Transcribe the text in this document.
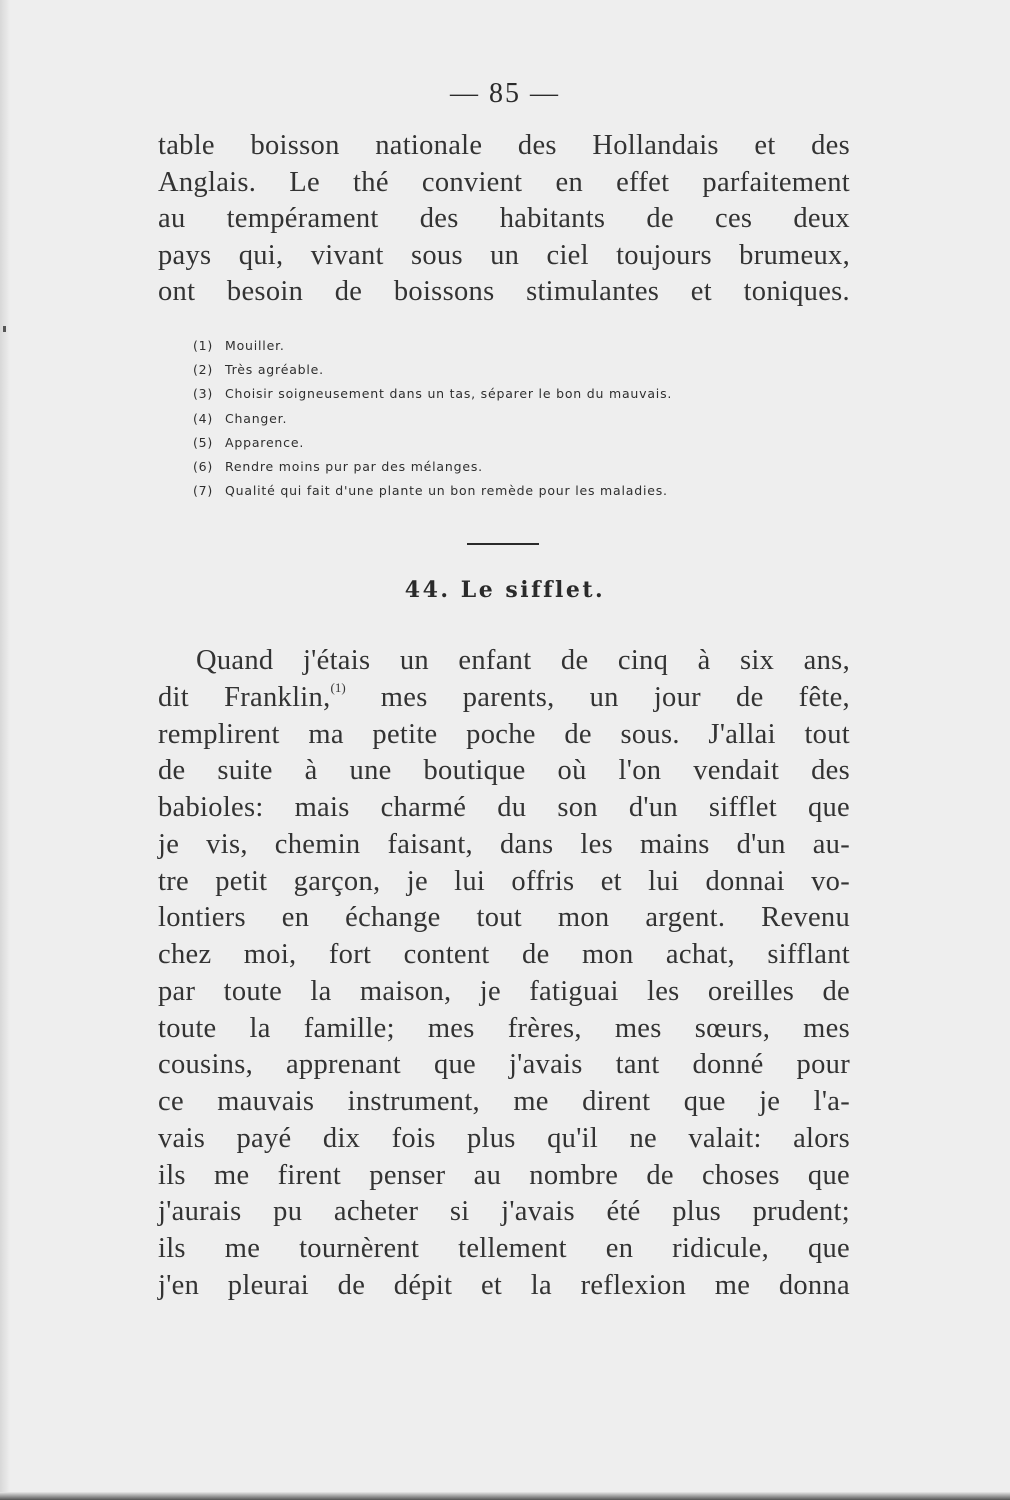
— 85 —
table boisson nationale des Hollandais et des
Anglais. Le thé convient en effet parfaitement
au tempérament des habitants de ces deux
pays qui, vivant sous un ciel toujours brumeux,
ont besoin de boissons stimulantes et toniques.
(1) Mouiller.
(2) Très agréable.
(3) Choisir soigneusement dans un tas, séparer le bon du mauvais.
(4) Changer.
(5) Apparence.
(6) Rendre moins pur par des mélanges.
(7) Qualité qui fait d'une plante un bon remède pour les maladies.
44. Le sifflet.
Quand j'étais un enfant de cinq à six ans,
dit Franklin,$^{(1)}$ mes parents, un jour de fête,
remplirent ma petite poche de sous. J'allai tout
de suite à une boutique où l'on vendait des
babioles: mais charmé du son d'un sifflet que
je vis, chemin faisant, dans les mains d'un au-
tre petit garçon, je lui offris et lui donnai vo-
lontiers en échange tout mon argent. Revenu
chez moi, fort content de mon achat, sifflant
par toute la maison, je fatiguai les oreilles de
toute la famille; mes frères, mes sœurs, mes
cousins, apprenant que j'avais tant donné pour
ce mauvais instrument, me dirent que je l'a-
vais payé dix fois plus qu'il ne valait: alors
ils me firent penser au nombre de choses que
j'aurais pu acheter si j'avais été plus prudent;
ils me tournèrent tellement en ridicule, que
j'en pleurai de dépit et la reflexion me donna
